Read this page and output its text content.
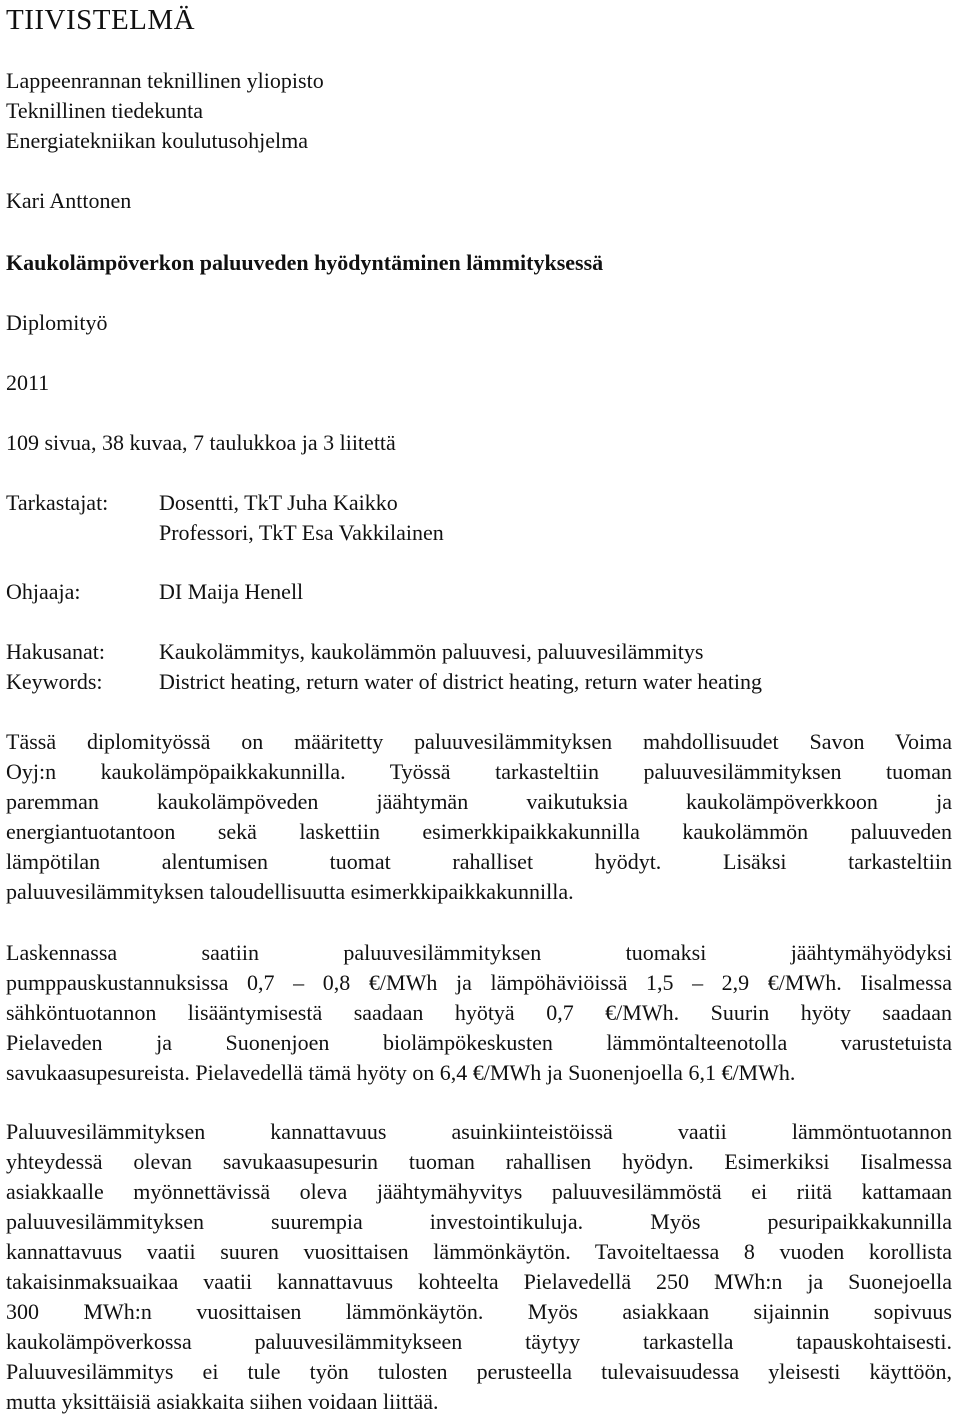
TIIVISTELMÄ
Lappeenrannan teknillinen yliopisto
Teknillinen tiedekunta
Energiatekniikan koulutusohjelma
Kari Anttonen
Kaukolämpöverkon paluuveden hyödyntäminen lämmityksessä
Diplomityö
2011
109 sivua, 38 kuvaa, 7 taulukkoa ja 3 liitettä
Tarkastajat: Dosentti, TkT Juha Kaikko
Professori, TkT Esa Vakkilainen
Ohjaaja:	DI Maija Henell
Hakusanat: Kaukolämmitys, kaukolämmön paluuvesi, paluuvesilämmitys
Keywords:	District heating, return water of district heating, return water heating
Tässä diplomityössä on määritetty paluuvesilämmityksen mahdollisuudet Savon Voima
Oyj:n kaukolämpöpaikkakunnilla. Työssä tarkasteltiin paluuvesilämmityksen tuoman
paremman kaukolämpöveden jäähtymän vaikutuksia kaukolämpöverkkoon ja
energiantuotantoon sekä laskettiin esimerkkipaikkakunnilla kaukolämmön paluuveden
lämpötilan alentumisen tuomat rahalliset hyödyt. Lisäksi tarkasteltiin
paluuvesilämmityksen taloudellisuutta esimerkkipaikkakunnilla.
Laskennassa saatiin paluuvesilämmityksen tuomaksi jäähtymähyödyksi
pumppauskustannuksissa 0,7 – 0,8 €/MWh ja lämpöhäviöissä 1,5 – 2,9 €/MWh. Iisalmessa
sähköntuotannon lisääntymisestä saadaan hyötyä 0,7 €/MWh. Suurin hyöty saadaan
Pielaveden ja Suonenjoen biolämpökeskusten lämmöntalteenotolla varustetuista
savukaasupesureista. Pielavedellä tämä hyöty on 6,4 €/MWh ja Suonenjoella 6,1 €/MWh.
Paluuvesilämmityksen kannattavuus asuinkiinteistöissä vaatii lämmöntuotannon
yhteydessä olevan savukaasupesurin tuoman rahallisen hyödyn. Esimerkiksi Iisalmessa
asiakkaalle myönnettävissä oleva jäähtymähyvitys paluuvesilämmöstä ei riitä kattamaan
paluuvesilämmityksen suurempia investointikuluja. Myös pesuripaikkakunnilla
kannattavuus vaatii suuren vuosittaisen lämmönkäytön. Tavoiteltaessa 8 vuoden korollista
takaisinmaksuaikaa vaatii kannattavuus kohteelta Pielavedellä 250 MWh:n ja Suonejoella
300 MWh:n vuosittaisen lämmönkäytön. Myös asiakkaan sijainnin sopivuus
kaukolämpöverkossa paluuvesilämmitykseen täytyy tarkastella tapauskohtaisesti.
Paluuvesilämmitys ei tule työn tulosten perusteella tulevaisuudessa yleisesti käyttöön,
mutta yksittäisiä asiakkaita siihen voidaan liittää.
